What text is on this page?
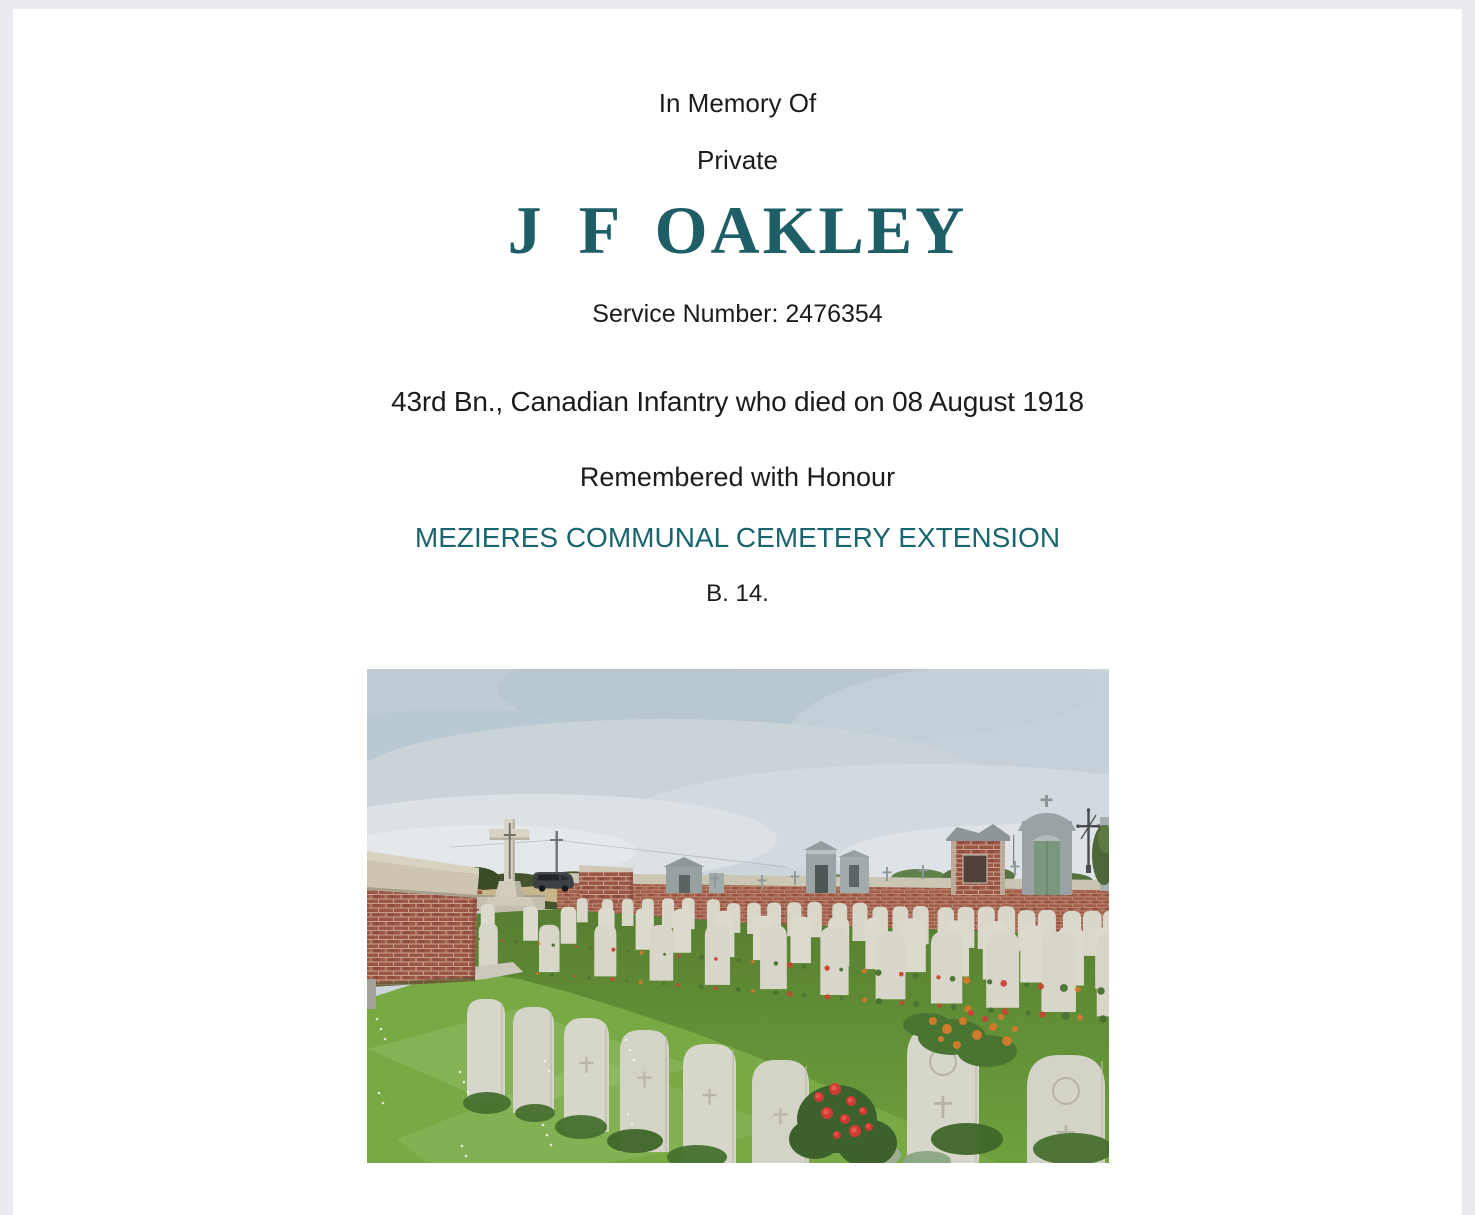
In Memory Of
Private
J F OAKLEY
Service Number: 2476354
43rd Bn., Canadian Infantry who died on 08 August 1918
Remembered with Honour
MEZIERES COMMUNAL CEMETERY EXTENSION
B. 14.
